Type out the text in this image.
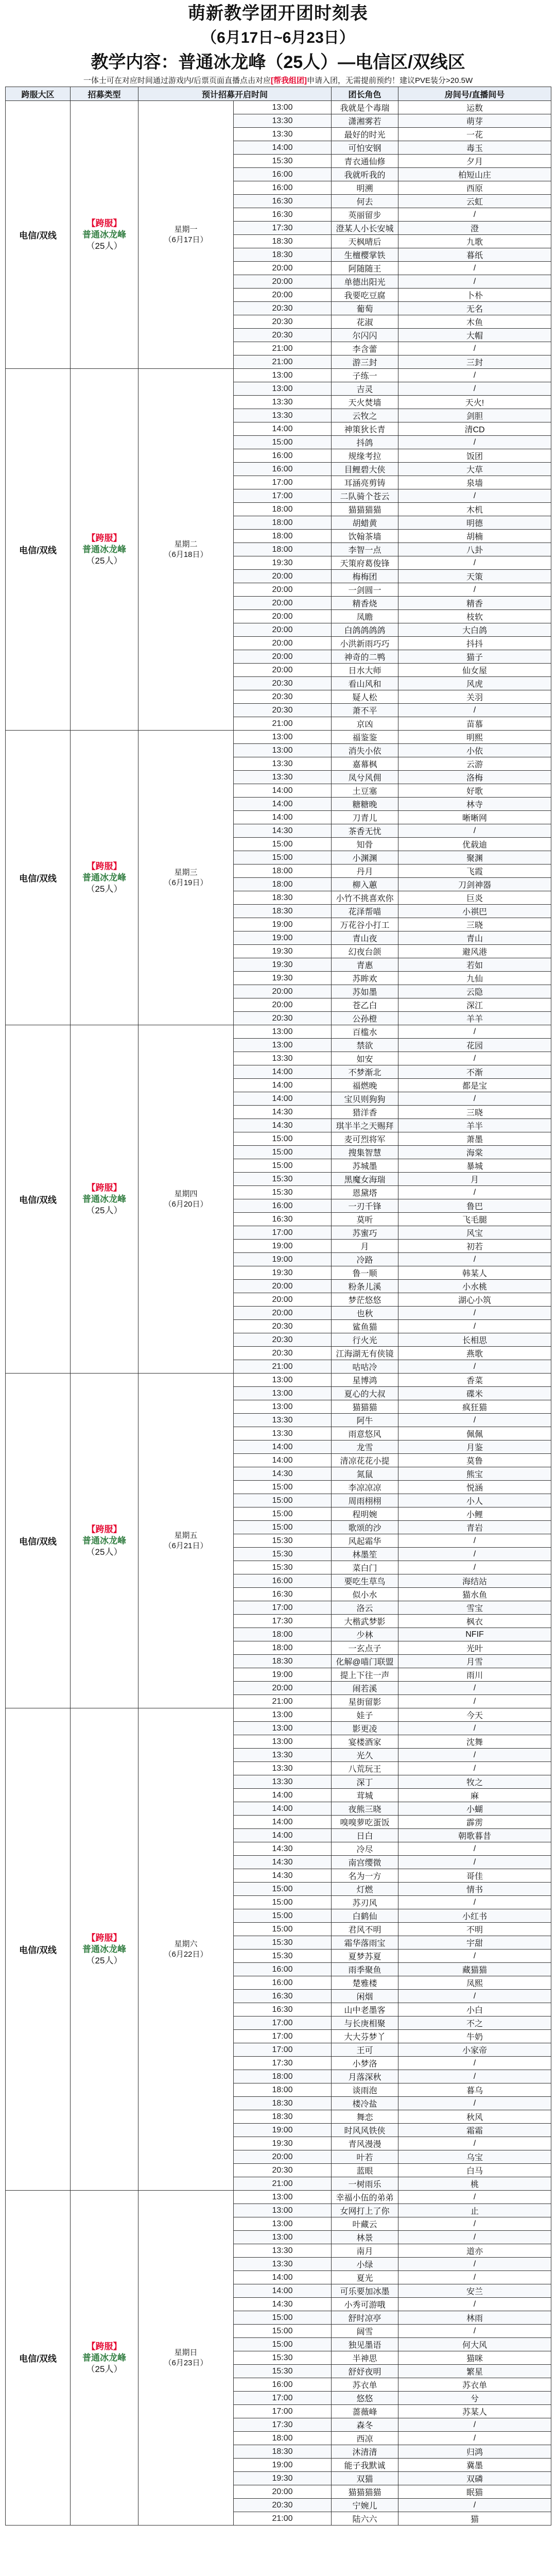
萌新教学团开团时刻表
（6月17日~6月23日）
教学内容：普通冰龙峰（25人）—电信区/双线区
一体士可在对应时间通过游戏内/后票页面直播点击对应[帮我组团]申请入团，无需提前预约！建议PVE装分>20.5W
跨服大区	招募类型	预计招募开启时间		团长角色	房间号/直播间号	
电信/双线	【跨服】
普通冰龙峰
（25人）	星期一
（6月17日）	13:00	我就是个毒瑞	运数	
			13:30	潇湘雾若	萌芽	
			13:30	最好的时光	一花	
			14:00	可怕安钢	毒玉	
			15:30	青衣通仙修	夕月	
			16:00	我就听我的	柏短山庄	
			16:00	明溯	西原	
			16:30	何去	云虹	
			16:30	英丽留步	/	
			17:30	澄某人小长安城	澄	
			18:30	天枫晴后	九歌	
			18:30	生檀樱掌铁	暮纸	
			20:00	阿随随王	/	
			20:00	单德出阳光	/	
			20:00	我要吃豆腐	卜朴	
			20:30	葡萄	无名	
			20:30	花淑	木鱼	
			20:30	尔闪闪	大帽	
			21:00	李含蕾	/	
			21:00	游三封	三封	
电信/双线	【跨服】
普通冰龙峰
（25人）	星期二
（6月18日）	13:00	子练一	/	
			13:00	吉灵	/	
			13:30	天火焚墙	天火!	
			13:30	云牧之	剑胆	
			14:00	神策狄长青	清CD	
			15:00	抖鸽	/	
			16:00	规缘考拉	饭团	
			16:00	目鲤碧大侠	大草	
			17:00	耳涵亮剪铸	泉墙	
			17:00	二队骑个苍云	/	
			18:00	猫猫猫猫	木机	
			18:00	胡蜡黄	明德	
			18:00	饮翰茶墙	胡楠	
			18:00	李智一点	八卦	
			19:30	天策府葛俊锋	/	
			20:00	梅梅团	天策	
			20:00	一剑圆一	/	
			20:00	精香烧	精香	
			20:00	凤瞻	枝软	
			20:00	白鸽鸽鸽鸽	大白鸽	
			20:00	小洪新雨巧巧	抖抖	
			20:00	神奇的二鸭	猫子	
			20:00	日水大师	仙女屋	
			20:30	看山风和	风虎	
			20:30	疑人松	关羽	
			20:30	萧不平	/	
			21:00	京凶	苗慕	
电信/双线	【跨服】
普通冰龙峰
（25人）	星期三
（6月19日）	13:00	福鉴鉴	明熙	
			13:00	消失小依	小依	
			13:30	嘉幕枫	云游	
			13:30	凤兮风佣	洛梅	
			14:00	土豆塞	好歌	
			14:00	糖糖晚	林寺	
			14:00	刀青儿	晰晰网	
			14:30	茶香无忧	/	
			15:00	知骨	优载迪	
			15:00	小渊渊	聚渊	
			18:00	丹月	飞霞	
			18:00	柳入蕙	刀剑神器	
			18:30	小竹不挑喜欢你	巨炎	
			18:30	花泽帮喵	小祺巴	
			19:00	万花谷小打工	三晓	
			19:00	青山夜	青山	
			19:30	幻夜台颌	避风港	
			19:30	青惠	若如	
			19:30	苏眸欢	九仙	
			20:00	苏如墨	云隐	
			20:00	苍乙白	深江	
			20:30	公孙橙	羊羊	
电信/双线	【跨服】
普通冰龙峰
（25人）	星期四
（6月20日）	13:00	百槛水	/	
			13:00	禁欲	花园	
			13:30	如安	/	
			14:00	不梦渐北	不渐	
			14:00	福燃晚	都是宝	
			14:00	宝贝则狗狗	/	
			14:30	猎洋香	三晓	
			14:30	琪半半之天赐拜	羊半	
			15:00	麦可烈将军	萧墨	
			15:00	搜集智慧	海棠	
			15:00	苏城墨	暴城	
			15:30	黑魔女海瑞	月	
			15:30	恩黛塔	/	
			16:00	一刃千锋	鲁巴	
			16:30	莫听	飞毛腿	
			17:00	苏蜜巧	风宝	
			19:00	月	初若	
			19:00	冷路	/	
			19:30	鲁一顺	韩某人	
			20:00	粉条儿溪	小水桃	
			20:00	梦茫悠悠	湖心小筑	
			20:00	也秋	/	
			20:30	鲨鱼猫	/	
			20:30	行火光	长相思	
			20:30	江海湖无有侠镜	燕歌	
			21:00	咕咕冷	/	
电信/双线	【跨服】
普通冰龙峰
（25人）	星期五
（6月21日）	13:00	星博鸿	香菜	
			13:00	夏心的大叔	碟米	
			13:00	猫猫猫	疯狂猫	
			13:30	阿牛	/	
			13:30	雨意悠风	佩佩	
			14:00	龙雪	月鉴	
			14:00	清凉花花小提	莫鲁	
			14:30	氮鼠	熊宝	
			15:00	李凉凉凉	悦涵	
			15:00	周雨栩栩	小人	
			15:00	程明婉	小鲤	
			15:00	歌颂的沙	青岩	
			15:30	风起霜华	/	
			15:30	林墨笙	/	
			15:30	菜白门	/	
			16:00	要吃生草鸟	海结站	
			16:30	似小水	猫水鱼	
			17:00	洛云	雪宝	
			17:30	大楷武梦影	枫衣	
			18:00	少林	NFIF	
			18:00	一玄点子	光叶	
			18:30	化解@喵门联盟	月雪	
			19:00	提上下往一声	雨川	
			20:00	闹若溪	/	
			21:00	星街留影	/	
电信/双线	【跨服】
普通冰龙峰
（25人）	星期六
（6月22日）	13:00	娃子	今天	
			13:00	影更凌	/	
			13:00	宴楼酒家	沈舞	
			13:30	光久	/	
			13:30	八荒玩王	/	
			13:30	深丁	牧之	
			14:00	茸城	麻	
			14:00	夜熊三晓	小蝴	
			14:00	嗅嗅萝吃蛋饭	霹雳	
			14:00	日白	朝歌暮昔	
			14:30	冷尽	/	
			14:30	南宫缨微	/	
			14:30	名为一方	哥佳	
			15:00	灯燃	情书	
			15:00	苏刃风	/	
			15:00	白鹤仙	小红书	
			15:00	君风不明	不明	
			15:30	霜华落雨宝	宇甜	
			15:30	夏梦苏夏	/	
			16:00	雨季聚鱼	藏猫猫	
			16:00	楚雅楼	凤熙	
			16:30	闲烟	/	
			16:30	山中老墨客	小白	
			17:00	与长庚相聚	不之	
			17:00	大大芬梦丫	牛奶	
			17:00	王可	小家帝	
			17:30	小梦洛	/	
			18:00	月落深秋	/	
			18:00	谈雨泡	暮乌	
			18:30	楼冷盐	/	
			18:30	舞恋	秋风	
			19:00	时风风铁侠	霜霜	
			19:30	青风漫漫	/	
			20:00	叶若	乌宝	
			20:30	蓝眼	白马	
			21:00	一树雨乐	桃	
电信/双线	【跨服】
普通冰龙峰
（25人）	星期日
（6月23日）	13:00	幸福小伍的弟弟	/	
			13:00	女网打上了你	止	
			13:00	叶藏云	/	
			13:00	林景	/	
			13:30	南月	道亦	
			13:30	小绿	/	
			14:00	夏光	/	
			14:00	可乐要加冰墨	安兰	
			14:30	小秀可游哦	/	
			15:00	舒时凉亭	林雨	
			15:00	阔雪	/	
			15:00	独见墨语	何大风	
			15:30	半神思	猫咪	
			15:30	舒妤夜明	繁星	
			16:00	苏衣单	苏衣单	
			17:00	悠悠	兮	
			17:00	蔷薇峰	苏某人	
			17:30	森冬	/	
			18:00	西凉	/	
			18:30	沐清清	归鸿	
			19:00	能子我默诚	冀墨	
			19:30	双猫	双磷	
			20:00	猫猫猫猫	眠猫	
			20:30	宁婉儿	/	
			21:00	陆六六	猫	
